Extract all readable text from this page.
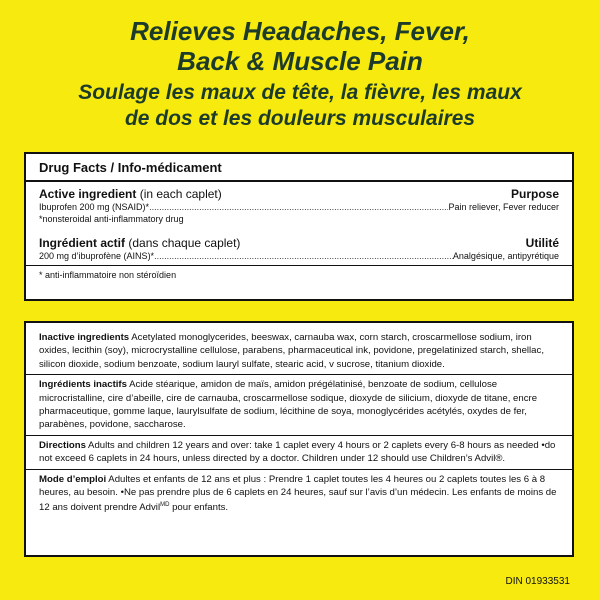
Relieves Headaches, Fever,
Back & Muscle Pain
Soulage les maux de tête, la fièvre, les maux
de dos et les douleurs musculaires
Drug Facts / Info-médicament
Active ingredient (in each caplet)	Purpose
Ibuprofen 200 mg (NSAID)* .....	Pain reliever, Fever reducer
*nonsteroidal anti-inflammatory drug
Ingrédient actif (dans chaque caplet)	Utilité
200 mg d’ibuprofène (AINS)* .....	Analgésique, antipyrétique
* anti-inflammatoire non stéroïdien
Inactive ingredients Acetylated monoglycerides, beeswax, carnauba wax, corn starch, croscarmellose sodium, iron oxides, lecithin (soy), microcrystalline cellulose, parabens, pharmaceutical ink, povidone, pregelatinized starch, shellac, silicon dioxide, sodium benzoate, sodium lauryl sulfate, stearic acid, v sucrose, titanium dioxide.
Ingrédients inactifs Acide stéarique, amidon de maïs, amidon prégélatinisé, benzoate de sodium, cellulose microcristalline, cire d’abeille, cire de carnauba, croscarmellose sodique, dioxyde de silicium, dioxyde de titane, encre pharmaceutique, gomme laque, laurylsulfate de sodium, lécithine de soya, monoglycérides acétylés, oxydes de fer, parabènes, povidone, saccharose.
Directions Adults and children 12 years and over: take 1 caplet every 4 hours or 2 caplets every 6-8 hours as needed •do not exceed 6 caplets in 24 hours, unless directed by a doctor. Children under 12 should use Children’s Advil®.
Mode d’emploi Adultes et enfants de 12 ans et plus : Prendre 1 caplet toutes les 4 heures ou 2 caplets toutes les 6 à 8 heures, au besoin. •Ne pas prendre plus de 6 caplets en 24 heures, sauf sur l’avis d’un médecin. Les enfants de moins de 12 ans doivent prendre Advil$^{MD}$ pour enfants.
DIN 01933531
